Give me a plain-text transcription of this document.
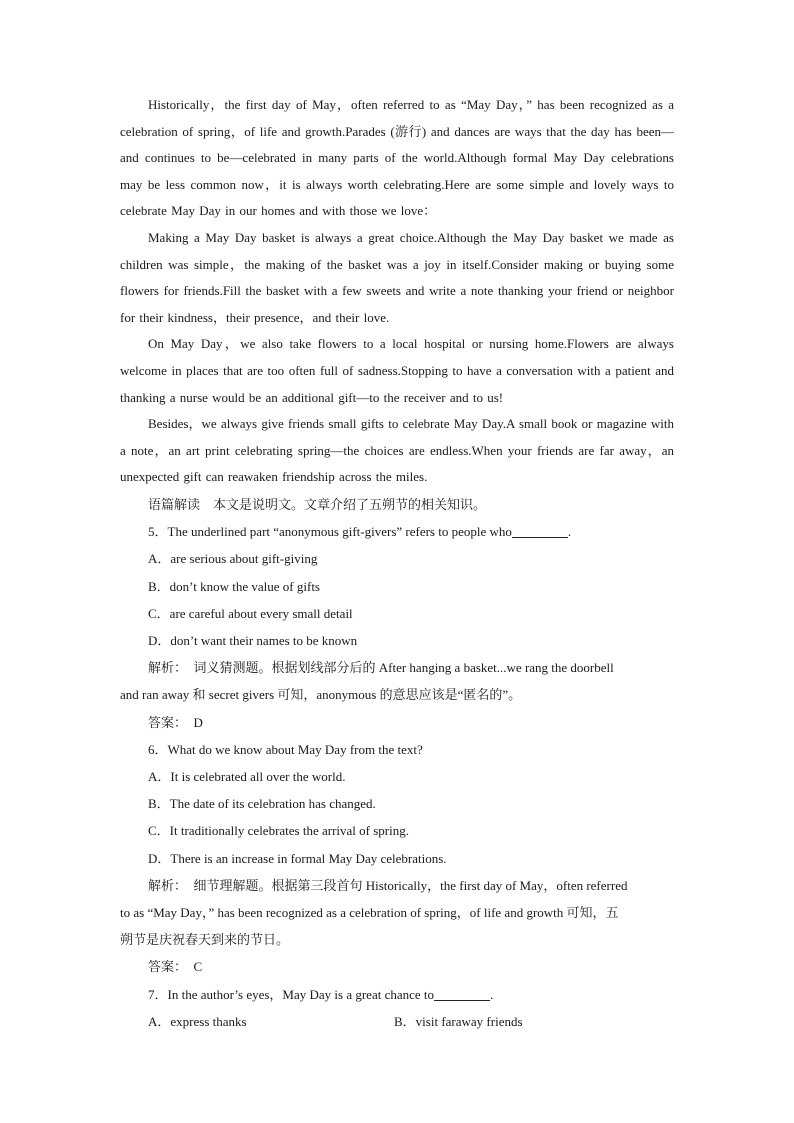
Historically，the first day of May，often referred to as “May Day，” has been recognized as a celebration of spring，of life and growth.Parades (游行) and dances are ways that the day has been—and continues to be—celebrated in many parts of the world.Although formal May Day celebrations may be less common now，it is always worth celebrating.Here are some simple and lovely ways to celebrate May Day in our homes and with those we love：

Making a May Day basket is always a great choice.Although the May Day basket we made as children was simple，the making of the basket was a joy in itself.Consider making or buying some flowers for friends.Fill the basket with a few sweets and write a note thanking your friend or neighbor for their kindness，their presence，and their love.

On May Day，we also take flowers to a local hospital or nursing home.Flowers are always welcome in places that are too often full of sadness.Stopping to have a conversation with a patient and thanking a nurse would be an additional gift—to the receiver and to us!

Besides，we always give friends small gifts to celebrate May Day.A small book or magazine with a note，an art print celebrating spring—the choices are endless.When your friends are far away，an unexpected gift can reawaken friendship across the miles.

语篇解读　本文是说明文。文章介绍了五朔节的相关知识。

5．The underlined part “anonymous gift-givers” refers to people who	.

A．are serious about gift-giving

B．don’t know the value of gifts

C．are careful about every small detail

D．don’t want their names to be known

解析：　词义猜测题。根据划线部分后的 After hanging a basket...we rang the doorbell

and ran away 和 secret givers 可知，anonymous 的意思应该是“匿名的”。

答案：　D

6．What do we know about May Day from the text?

A．It is celebrated all over the world.

B．The date of its celebration has changed.

C．It traditionally celebrates the arrival of spring.

D．There is an increase in formal May Day celebrations.

解析：　细节理解题。根据第三段首句 Historically，the first day of May，often referred

to as “May Day，” has been recognized as a celebration of spring，of life and growth 可知，五

朔节是庆祝春天到来的节日。

答案：　C

7．In the author’s eyes，May Day is a great chance to	.

A．express thanks	B．visit faraway friends
